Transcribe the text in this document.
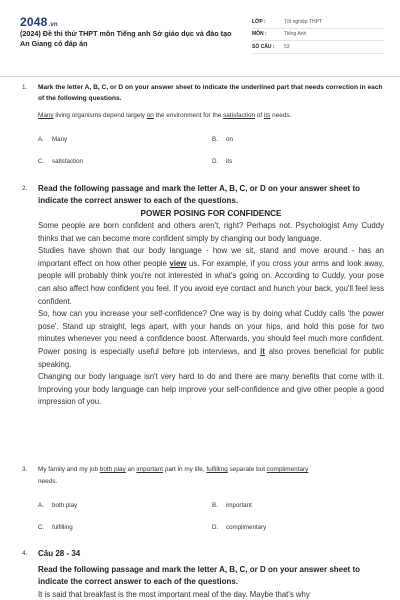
2048.vn
(2024) Đề thi thử THPT môn Tiếng anh Sở giáo dục và đào tạo An Giang có đáp án
LỚP :	Tốt nghiệp THPT
MÔN :	Tiếng Anh
SỐ CÂU :	53
1. Mark the letter A, B, C, or D on your answer sheet to indicate the underlined part that needs correction in each of the following questions.
Many living organisms depend largely on the environment for the satisfaction of its needs.
A. Many	B. on
C. satisfaction	D. its
2. Read the following passage and mark the letter A, B, C, or D on your answer sheet to indicate the correct answer to each of the questions.
POWER POSING FOR CONFIDENCE
Some people are born confident and others aren't, right? Perhaps not. Psychologist Amy Cuddy thinks that we can become more confident simply by changing our body language.
Studies have shown that our body language - how we sit, stand and move around - has an important effect on how other people view us. For example, if you cross your arms and look away, people will probably think you're not interested in what's going on. According to Cuddy, your pose can also affect how confident you feel. If you avoid eye contact and hunch your back, you'll feel less confident.
So, how can you increase your self-confidence? One way is by doing what Cuddy calls 'the power pose'. Stand up straight, legs apart, with your hands on your hips, and hold this pose for two minutes whenever you need a confidence boost. Afterwards, you should feel much more confident. Power posing is especially useful before job interviews, and it also proves beneficial for public speaking.
Changing our body language isn't very hard to do and there are many benefits that come with it. Improving your body language can help improve your self-confidence and give other people a good impression of you.
3. My family and my job both play an important part in my life, fulfilling separate but complimentary needs.
A. both play	B. important
C. fulfilling	D. complimentary
4. Câu 28 - 34
Read the following passage and mark the letter A, B, C, or D on your answer sheet to indicate the correct answer to each of the questions.
It is said that breakfast is the most important meal of the day. Maybe that's why
